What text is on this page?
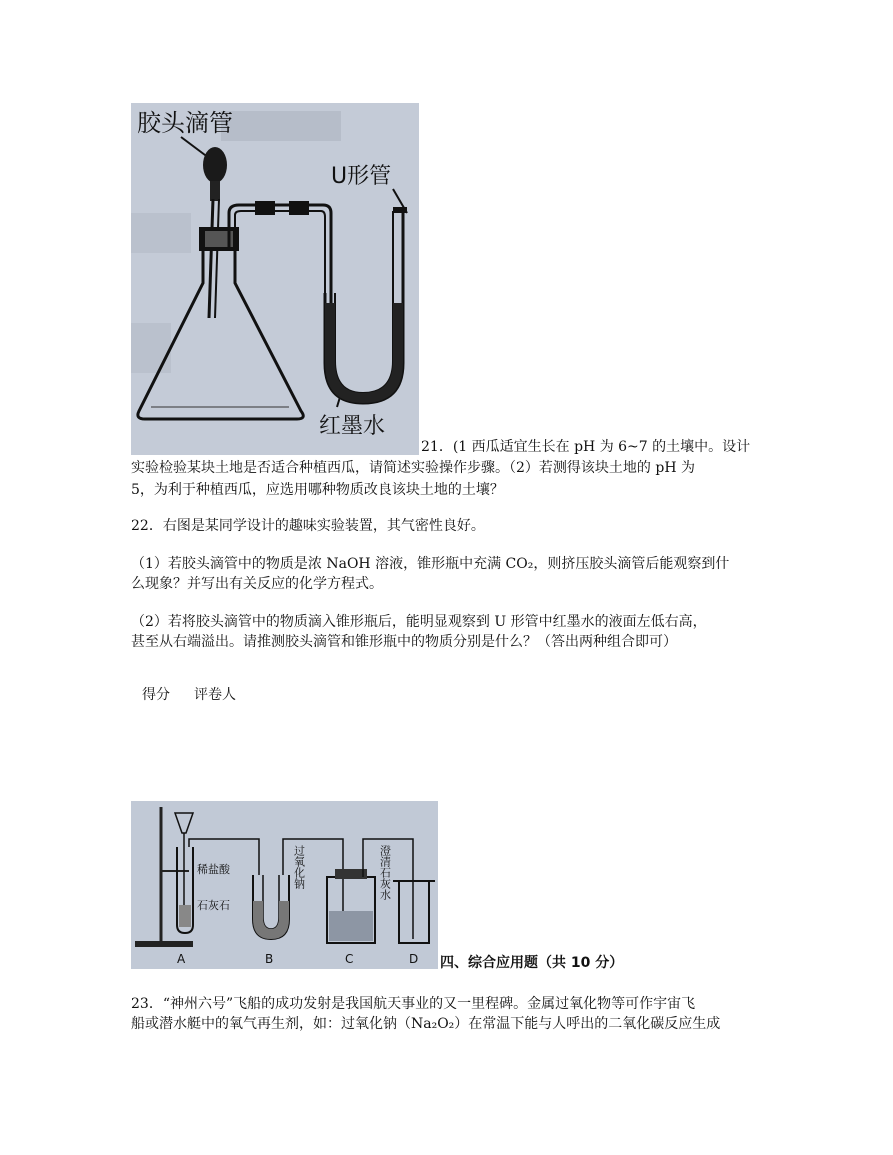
胶头滴管
U形管
红墨水
21．(1 西瓜适宜生长在 pH 为 6~7 的土壤中。设计
实验检验某块土地是否适合种植西瓜，请简述实验操作步骤。（2）若测得该块土地的 pH 为
5，为利于种植西瓜，应选用哪种物质改良该块土地的土壤？
22．右图是某同学设计的趣味实验装置，其气密性良好。
（1）若胶头滴管中的物质是浓 NaOH 溶液，锥形瓶中充满 CO₂，则挤压胶头滴管后能观察到什
么现象？并写出有关反应的化学方程式。
（2）若将胶头滴管中的物质滴入锥形瓶后，能明显观察到 U 形管中红墨水的液面左低右高，
甚至从右端溢出。请推测胶头滴管和锥形瓶中的物质分别是什么？（答出两种组合即可）
得分 评卷人
稀盐酸
石灰石
过氧化钠	澄清石灰水
A	B	C	D 四、综合应用题（共 10 分）
23．“神州六号”飞船的成功发射是我国航天事业的又一里程碑。金属过氧化物等可作宇宙飞
船或潜水艇中的氧气再生剂，如：过氧化钠（Na₂O₂）在常温下能与人呼出的二氧化碳反应生成
